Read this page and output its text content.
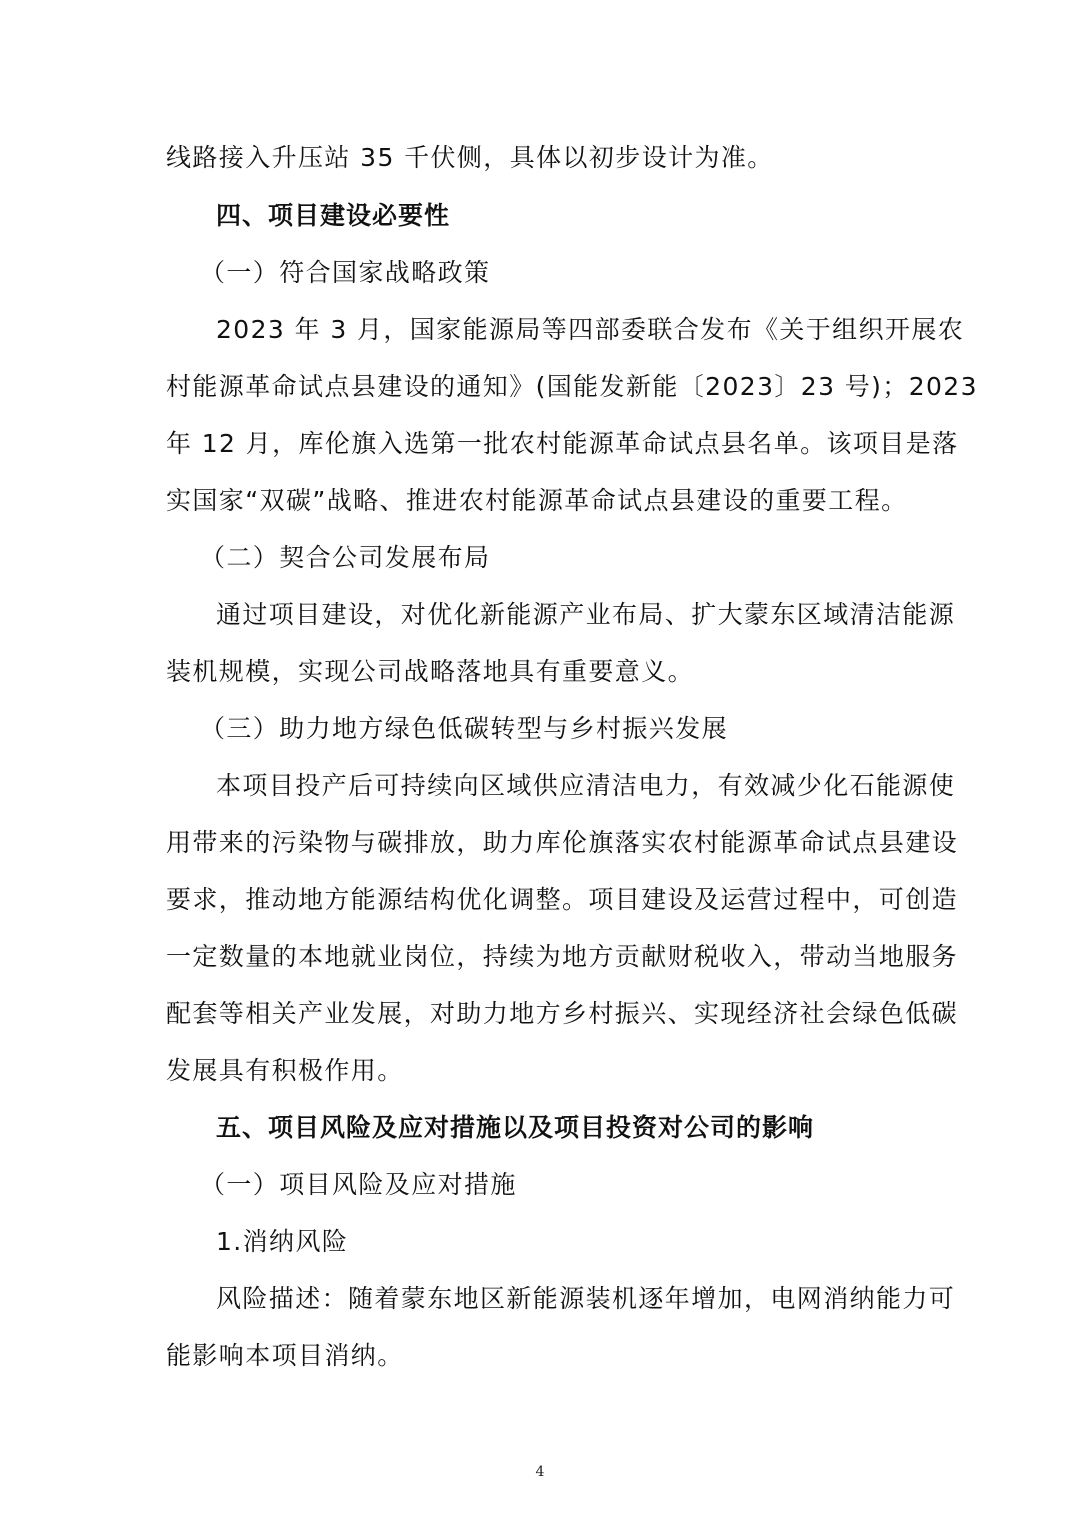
线路接入升压站 35 千伏侧，具体以初步设计为准。

四、项目建设必要性

（一）符合国家战略政策

2023 年 3 月，国家能源局等四部委联合发布《关于组织开展农

村能源革命试点县建设的通知》(国能发新能〔2023〕23 号)；2023

年 12 月，库伦旗入选第一批农村能源革命试点县名单。该项目是落

实国家“双碳”战略、推进农村能源革命试点县建设的重要工程。

（二）契合公司发展布局

通过项目建设，对优化新能源产业布局、扩大蒙东区域清洁能源

装机规模，实现公司战略落地具有重要意义。

（三）助力地方绿色低碳转型与乡村振兴发展

本项目投产后可持续向区域供应清洁电力，有效减少化石能源使

用带来的污染物与碳排放，助力库伦旗落实农村能源革命试点县建设

要求，推动地方能源结构优化调整。项目建设及运营过程中，可创造

一定数量的本地就业岗位，持续为地方贡献财税收入，带动当地服务

配套等相关产业发展，对助力地方乡村振兴、实现经济社会绿色低碳

发展具有积极作用。

五、项目风险及应对措施以及项目投资对公司的影响

（一）项目风险及应对措施

1.消纳风险

风险描述：随着蒙东地区新能源装机逐年增加，电网消纳能力可

能影响本项目消纳。

4
